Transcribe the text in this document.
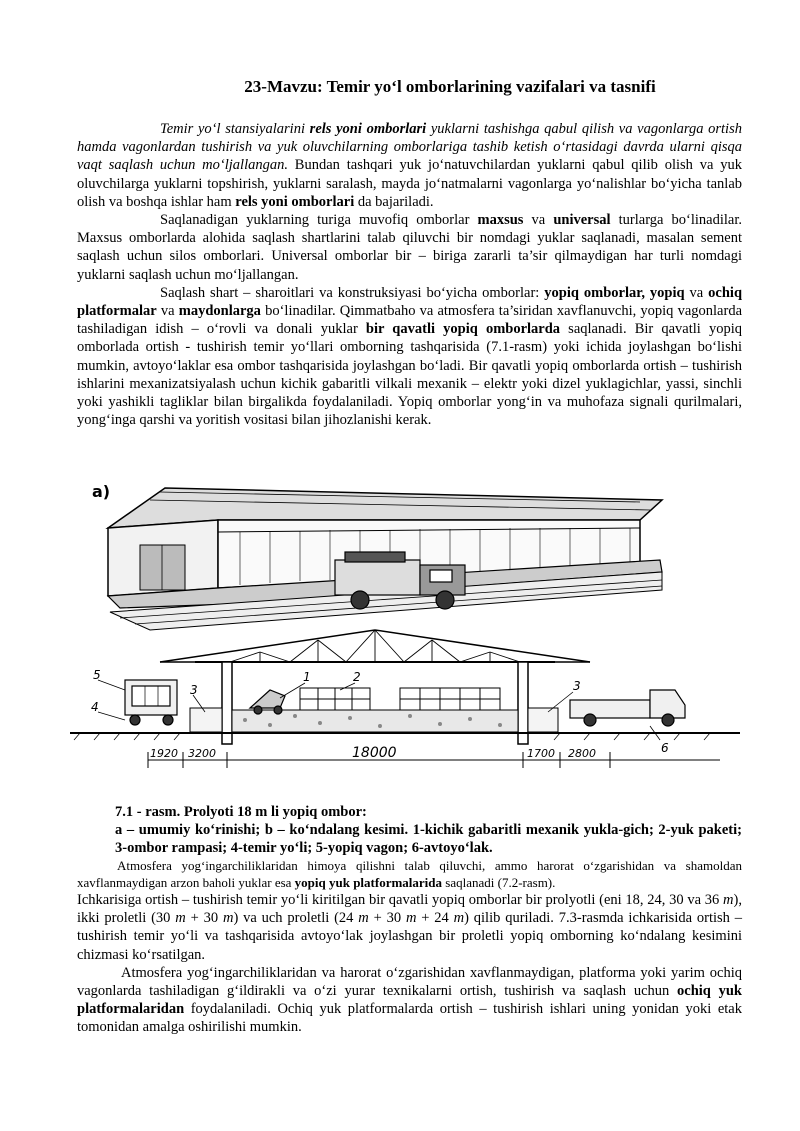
23-Mavzu: Temir yo‘l omborlarining vazifalari va tasnifi

Temir yo‘l stansiyalarini rels yoni omborlari yuklarni tashishga qabul qilish va vagonlarga ortish hamda vagonlardan tushirish va yuk oluvchilarning omborlariga tashib ketish o‘rtasidagi davrda ularni qisqa vaqt saqlash uchun mo‘ljallangan. Bundan tashqari yuk jo‘natuvchilardan yuklarni qabul qilib olish va yuk oluvchilarga yuklarni topshirish, yuklarni saralash, mayda jo‘natmalarni vagonlarga yo‘nalishlar bo‘yicha tanlab olish va boshqa ishlar ham rels yoni omborlari da bajariladi.

Saqlanadigan yuklarning turiga muvofiq omborlar maxsus va universal turlarga bo‘linadilar. Maxsus omborlarda alohida saqlash shartlarini talab qiluvchi bir nomdagi yuklar saqlanadi, masalan sement saqlash uchun silos omborlari. Universal omborlar bir – biriga zararli ta’sir qilmaydigan har turli nomdagi yuklarni saqlash uchun mo‘ljallangan.

Saqlash shart – sharoitlari va konstruksiyasi bo‘yicha omborlar: yopiq omborlar, yopiq va ochiq platformalar va maydonlarga bo‘linadilar. Qimmatbaho va atmosfera ta’siridan xavflanuvchi, yopiq vagonlarda tashiladigan idish – o‘rovli va donali yuklar bir qavatli yopiq omborlarda saqlanadi. Bir qavatli yopiq omborlada ortish - tushirish temir yo‘llari omborning tashqarisida (7.1-rasm) yoki ichida joylashgan bo‘lishi mumkin, avtoyo‘laklar esa ombor tashqarisida joylashgan bo‘ladi. Bir qavatli yopiq omborlarda ortish – tushirish ishlarini mexanizatsiyalash uchun kichik gabaritli vilkali mexanik – elektr yoki dizel yuklagichlar, yassi, sinchli yoki yashikli tagliklar bilan birgalikda foydalaniladi. Yopiq omborlar yong‘in va muhofaza signali qurilmalari, yong‘inga qarshi va yoritish vositasi bilan jihozlanishi kerak.

a)
5
4
3
1	2
3
6
1920 3200	18000	1700 2800
7.1 - rasm. Prolyoti 18 m li yopiq ombor:
a – umumiy ko‘rinishi; b – ko‘ndalang kesimi. 1-kichik gabaritli mexanik yukla-gich; 2-yuk paketi; 3-ombor rampasi; 4-temir yo‘li; 5-yopiq vagon; 6-avtoyo‘lak.

Atmosfera yog‘ingarchiliklaridan himoya qilishni talab qiluvchi, ammo harorat o‘zgarishidan va shamoldan xavflanmaydigan arzon baholi yuklar esa yopiq yuk platformalarida saqlanadi (7.2-rasm).

Ichkarisiga ortish – tushirish temir yo‘li kiritilgan bir qavatli yopiq omborlar bir prolyotli (eni 18, 24, 30 va 36 m), ikki proletli (30 m + 30 m) va uch proletli (24 m + 30 m + 24 m) qilib quriladi. 7.3-rasmda ichkarisida ortish – tushirish temir yo‘li va tashqarisida avtoyo‘lak joylashgan bir proletli yopiq omborning ko‘ndalang kesimini chizmasi ko‘rsatilgan.

Atmosfera yog‘ingarchiliklaridan va harorat o‘zgarishidan xavflanmaydigan, platforma yoki yarim ochiq vagonlarda tashiladigan g‘ildirakli va o‘zi yurar texnikalarni ortish, tushirish va saqlash uchun ochiq yuk platformalaridan foydalaniladi. Ochiq yuk platformalarda ortish – tushirish ishlari uning yonidan yoki etak tomonidan amalga oshirilishi mumkin.
